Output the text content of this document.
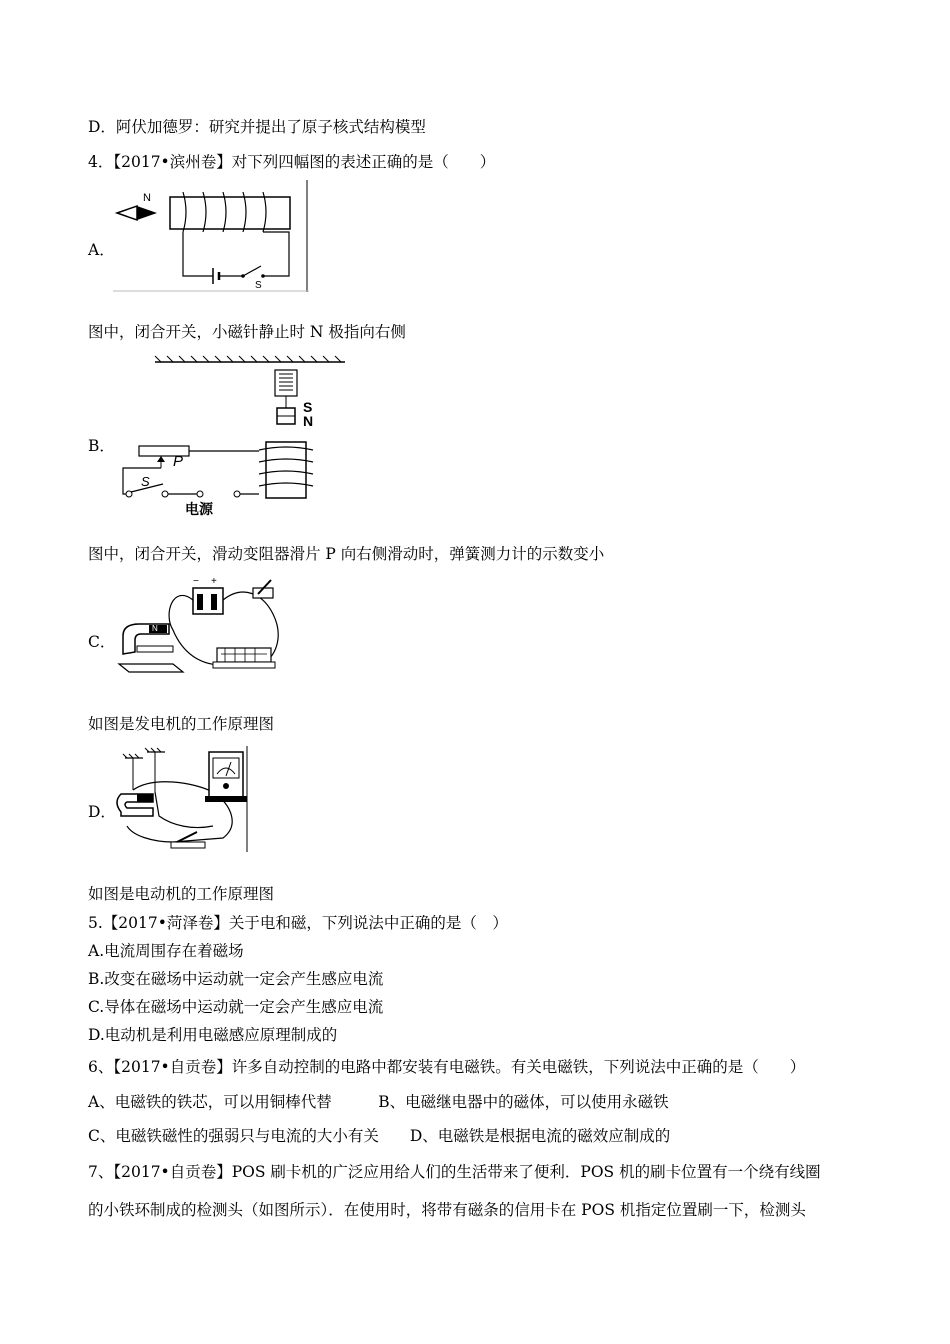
D．阿伏加德罗：研究并提出了原子核式结构模型
4．【2017•滨州卷】对下列四幅图的表述正确的是（　　）
A．
N
S
图中，闭合开关，小磁针静止时 N 极指向右侧
B．
S
N
P
S
电源
图中，闭合开关，滑动变阻器滑片 P 向右侧滑动时，弹簧测力计的示数变小
C．
− +
N
如图是发电机的工作原理图
D．
如图是电动机的工作原理图
5.【2017•菏泽卷】关于电和磁，下列说法中正确的是（　）
A.电流周围存在着磁场
B.改变在磁场中运动就一定会产生感应电流
C.导体在磁场中运动就一定会产生感应电流
D.电动机是利用电磁感应原理制成的
6、【2017•自贡卷】许多自动控制的电路中都安装有电磁铁。有关电磁铁，下列说法中正确的是（　　）
A、电磁铁的铁芯，可以用铜棒代替　　　B、电磁继电器中的磁体，可以使用永磁铁
C、电磁铁磁性的强弱只与电流的大小有关　　D、电磁铁是根据电流的磁效应制成的
7、【2017•自贡卷】POS 刷卡机的广泛应用给人们的生活带来了便利．POS 机的刷卡位置有一个绕有线圈
的小铁环制成的检测头（如图所示）．在使用时，将带有磁条的信用卡在 POS 机指定位置刷一下，检测头
